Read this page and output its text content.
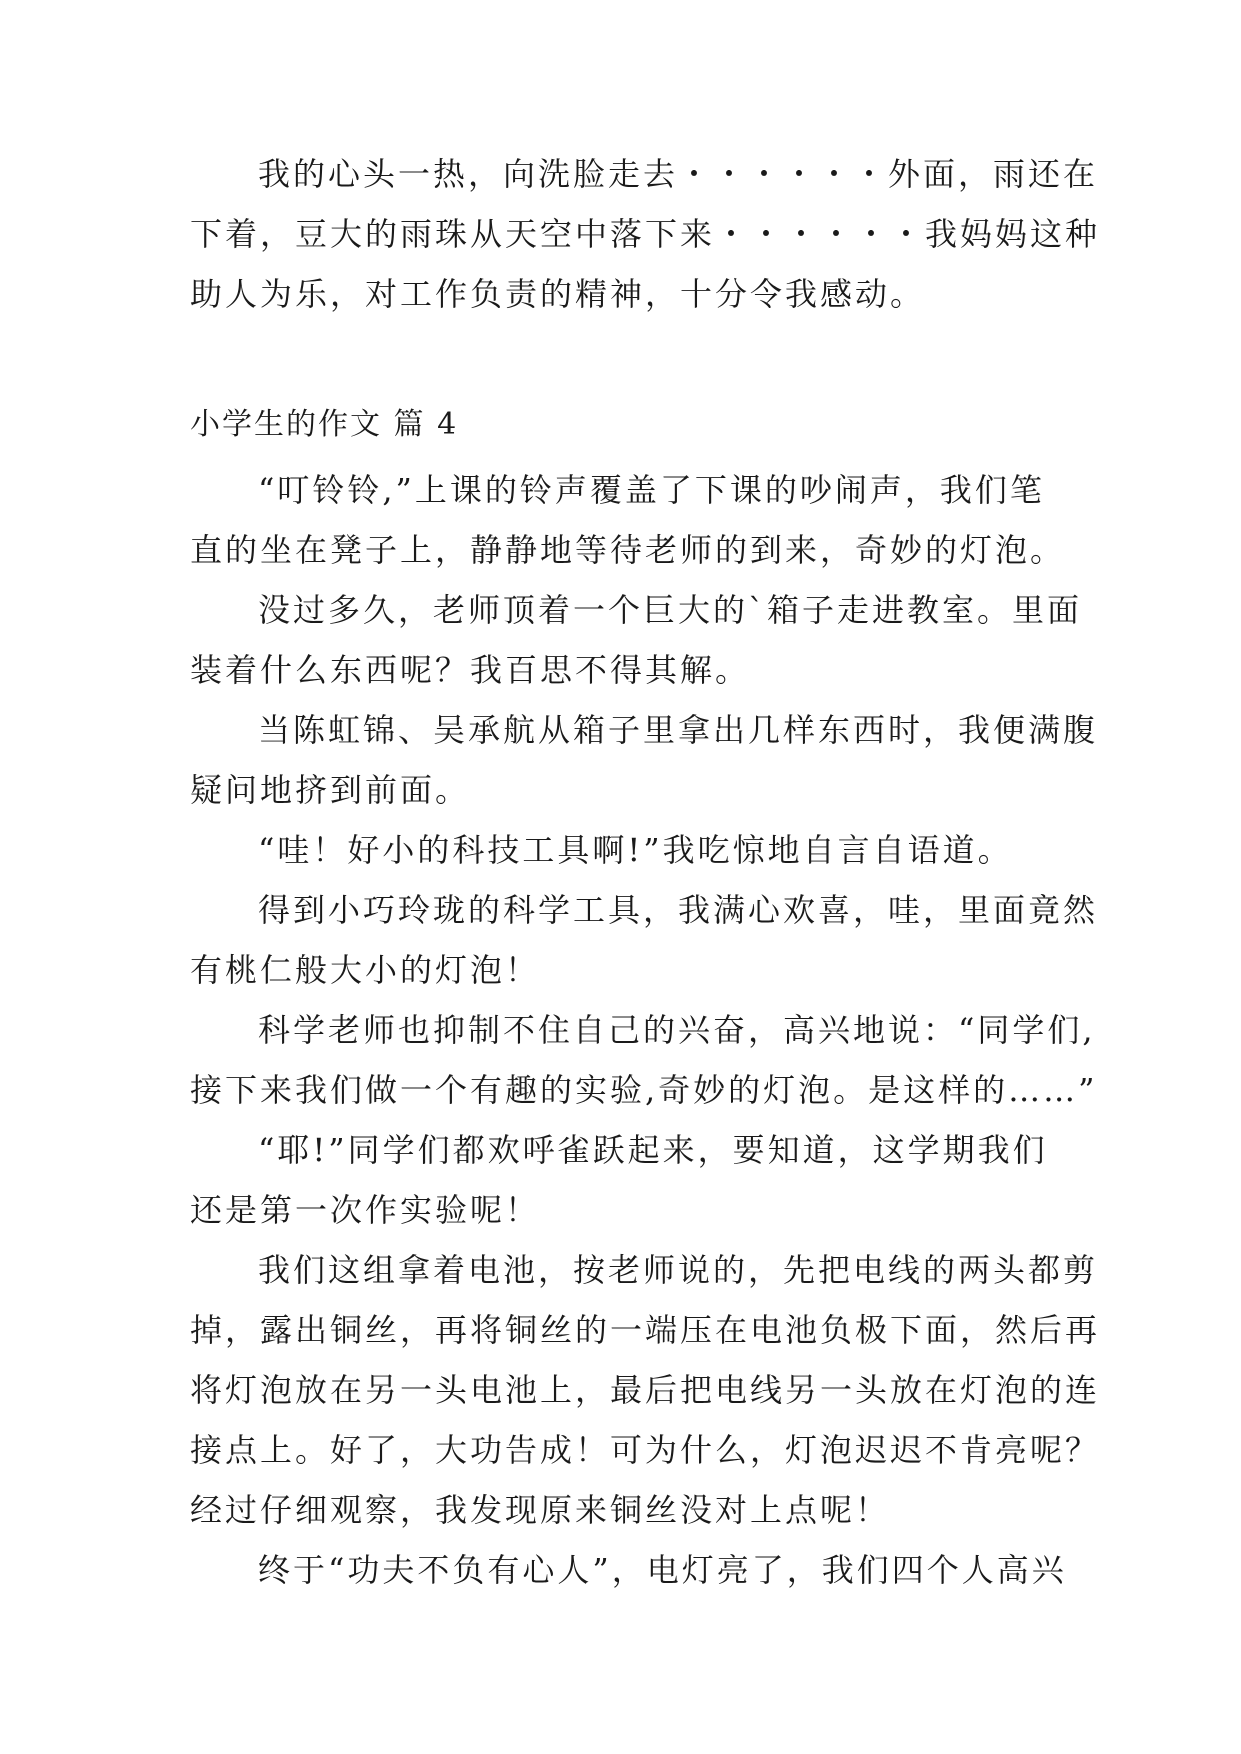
我的心头一热，向洗脸走去・・・・・・外面，雨还在
下着，豆大的雨珠从天空中落下来・・・・・・我妈妈这种
助人为乐，对工作负责的精神，十分令我感动。
小学生的作文 篇 4
“叮铃铃,”上课的铃声覆盖了下课的吵闹声，我们笔
直的坐在凳子上，静静地等待老师的到来，奇妙的灯泡。
没过多久，老师顶着一个巨大的`箱子走进教室。里面
装着什么东西呢？我百思不得其解。
当陈虹锦、吴承航从箱子里拿出几样东西时，我便满腹
疑问地挤到前面。
“哇！好小的科技工具啊!”我吃惊地自言自语道。
得到小巧玲珑的科学工具，我满心欢喜，哇，里面竟然
有桃仁般大小的灯泡！
科学老师也抑制不住自己的兴奋，高兴地说：“同学们,
接下来我们做一个有趣的实验,奇妙的灯泡。是这样的……”
“耶!”同学们都欢呼雀跃起来，要知道，这学期我们
还是第一次作实验呢！
我们这组拿着电池，按老师说的，先把电线的两头都剪
掉，露出铜丝，再将铜丝的一端压在电池负极下面，然后再
将灯泡放在另一头电池上，最后把电线另一头放在灯泡的连
接点上。好了，大功告成！可为什么，灯泡迟迟不肯亮呢？
经过仔细观察，我发现原来铜丝没对上点呢！
终于“功夫不负有心人”，电灯亮了，我们四个人高兴
